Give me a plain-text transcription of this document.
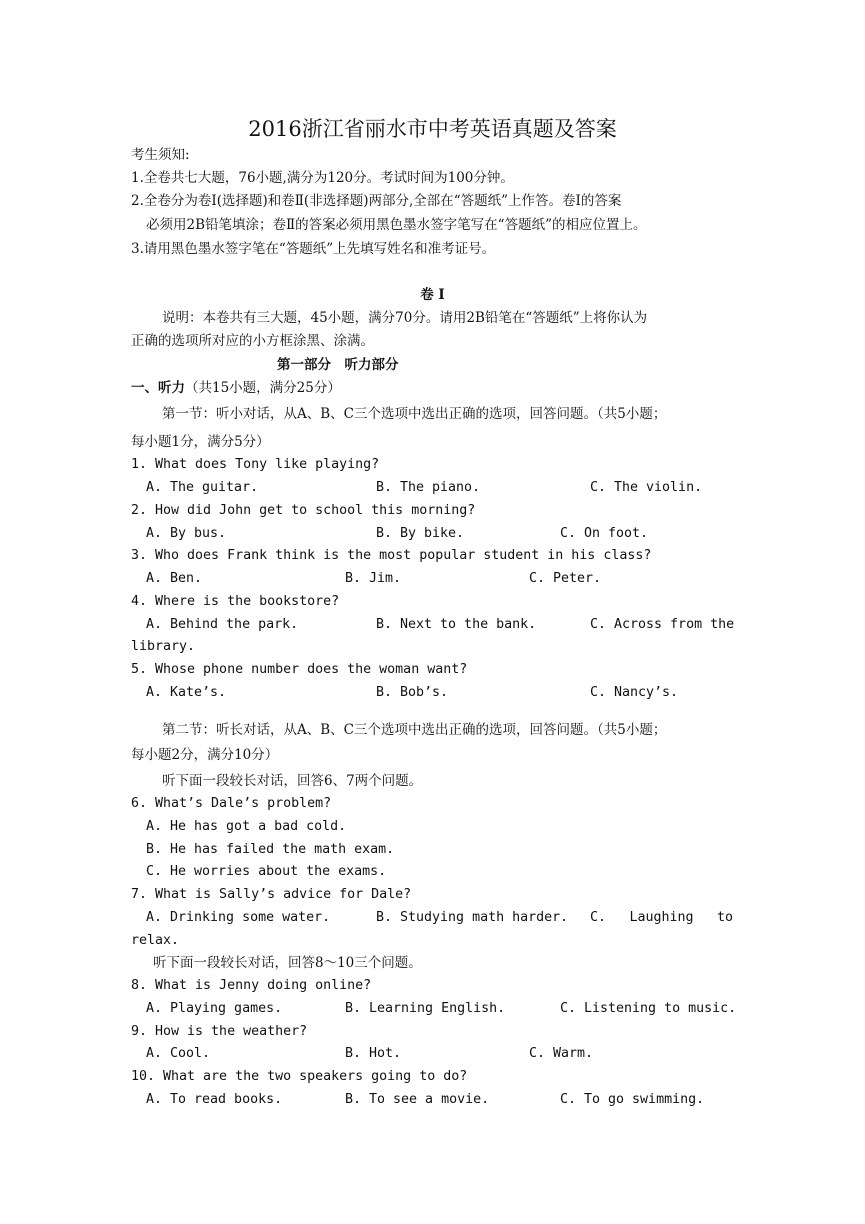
2016浙江省丽水市中考英语真题及答案
考生须知:
1.全卷共七大题，76小题,满分为120分。考试时间为100分钟。
2.全卷分为卷Ⅰ(选择题)和卷Ⅱ(非选择题)两部分,全部在“答题纸”上作答。卷Ⅰ的答案
必须用2B铅笔填涂；卷Ⅱ的答案必须用黑色墨水签字笔写在“答题纸”的相应位置上。
3.请用黑色墨水签字笔在“答题纸”上先填写姓名和准考证号。
卷 Ⅰ
说明：本卷共有三大题，45小题，满分70分。请用2B铅笔在“答题纸”上将你认为
正确的选项所对应的小方框涂黑、涂满。
第一部分　听力部分
一、听力（共15小题，满分25分）
第一节：听小对话，从A、B、C三个选项中选出正确的选项，回答问题。（共5小题；
每小题1分，满分5分）
1. What does Tony like playing?
A. The guitar.	B. The piano.	C. The violin.
2. How did John get to school this morning?
A. By bus.	B. By bike.	C. On foot.
3. Who does Frank think is the most popular student in his class?
A. Ben.	B. Jim.	C. Peter.
4. Where is the bookstore?
A. Behind the park.	B. Next to the bank.	C. Across from the
library.
5. Whose phone number does the woman want?
A. Kate’s.	B. Bob’s.	C. Nancy’s.
第二节：听长对话，从A、B、C三个选项中选出正确的选项，回答问题。（共5小题；
每小题2分，满分10分）
听下面一段较长对话，回答6、7两个问题。
6. What’s Dale’s problem?
A. He has got a bad cold.
B. He has failed the math exam.
C. He worries about the exams.
7. What is Sally’s advice for Dale?
A. Drinking some water.	B. Studying math harder. C. Laughing to
relax.
听下面一段较长对话，回答8～10三个问题。
8. What is Jenny doing online?
A. Playing games.	B. Learning English.	C. Listening to music.
9. How is the weather?
A. Cool.	B. Hot.	C. Warm.
10. What are the two speakers going to do?
A. To read books.	B. To see a movie.	C. To go swimming.
